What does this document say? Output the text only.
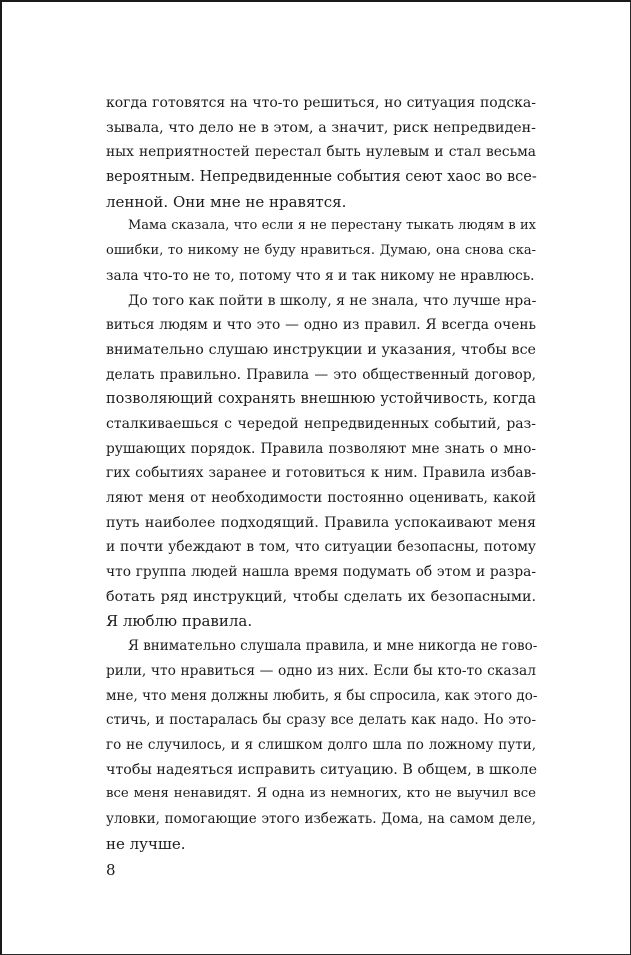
когда готовятся на что-то решиться, но ситуация подска-
зывала, что дело не в этом, а значит, риск непредвиден-
ных неприятностей перестал быть нулевым и стал весьма
вероятным. Непредвиденные события сеют хаос во все-
ленной. Они мне не нравятся.
Мама сказала, что если я не перестану тыкать людям в их
ошибки, то никому не буду нравиться. Думаю, она снова ска-
зала что-то не то, потому что я и так никому не нравлюсь.
До того как пойти в школу, я не знала, что лучше нра-
виться людям и что это — одно из правил. Я всегда очень
внимательно слушаю инструкции и указания, чтобы все
делать правильно. Правила — это общественный договор,
позволяющий сохранять внешнюю устойчивость, когда
сталкиваешься с чередой непредвиденных событий, раз-
рушающих порядок. Правила позволяют мне знать о мно-
гих событиях заранее и готовиться к ним. Правила избав-
ляют меня от необходимости постоянно оценивать, какой
путь наиболее подходящий. Правила успокаивают меня
и почти убеждают в том, что ситуации безопасны, потому
что группа людей нашла время подумать об этом и разра-
ботать ряд инструкций, чтобы сделать их безопасными.
Я люблю правила.
Я внимательно слушала правила, и мне никогда не гово-
рили, что нравиться — одно из них. Если бы кто-то сказал
мне, что меня должны любить, я бы спросила, как этого до-
стичь, и постаралась бы сразу все делать как надо. Но это-
го не случилось, и я слишком долго шла по ложному пути,
чтобы надеяться исправить ситуацию. В общем, в школе
все меня ненавидят. Я одна из немногих, кто не выучил все
уловки, помогающие этого избежать. Дома, на самом деле,
не лучше.
8
